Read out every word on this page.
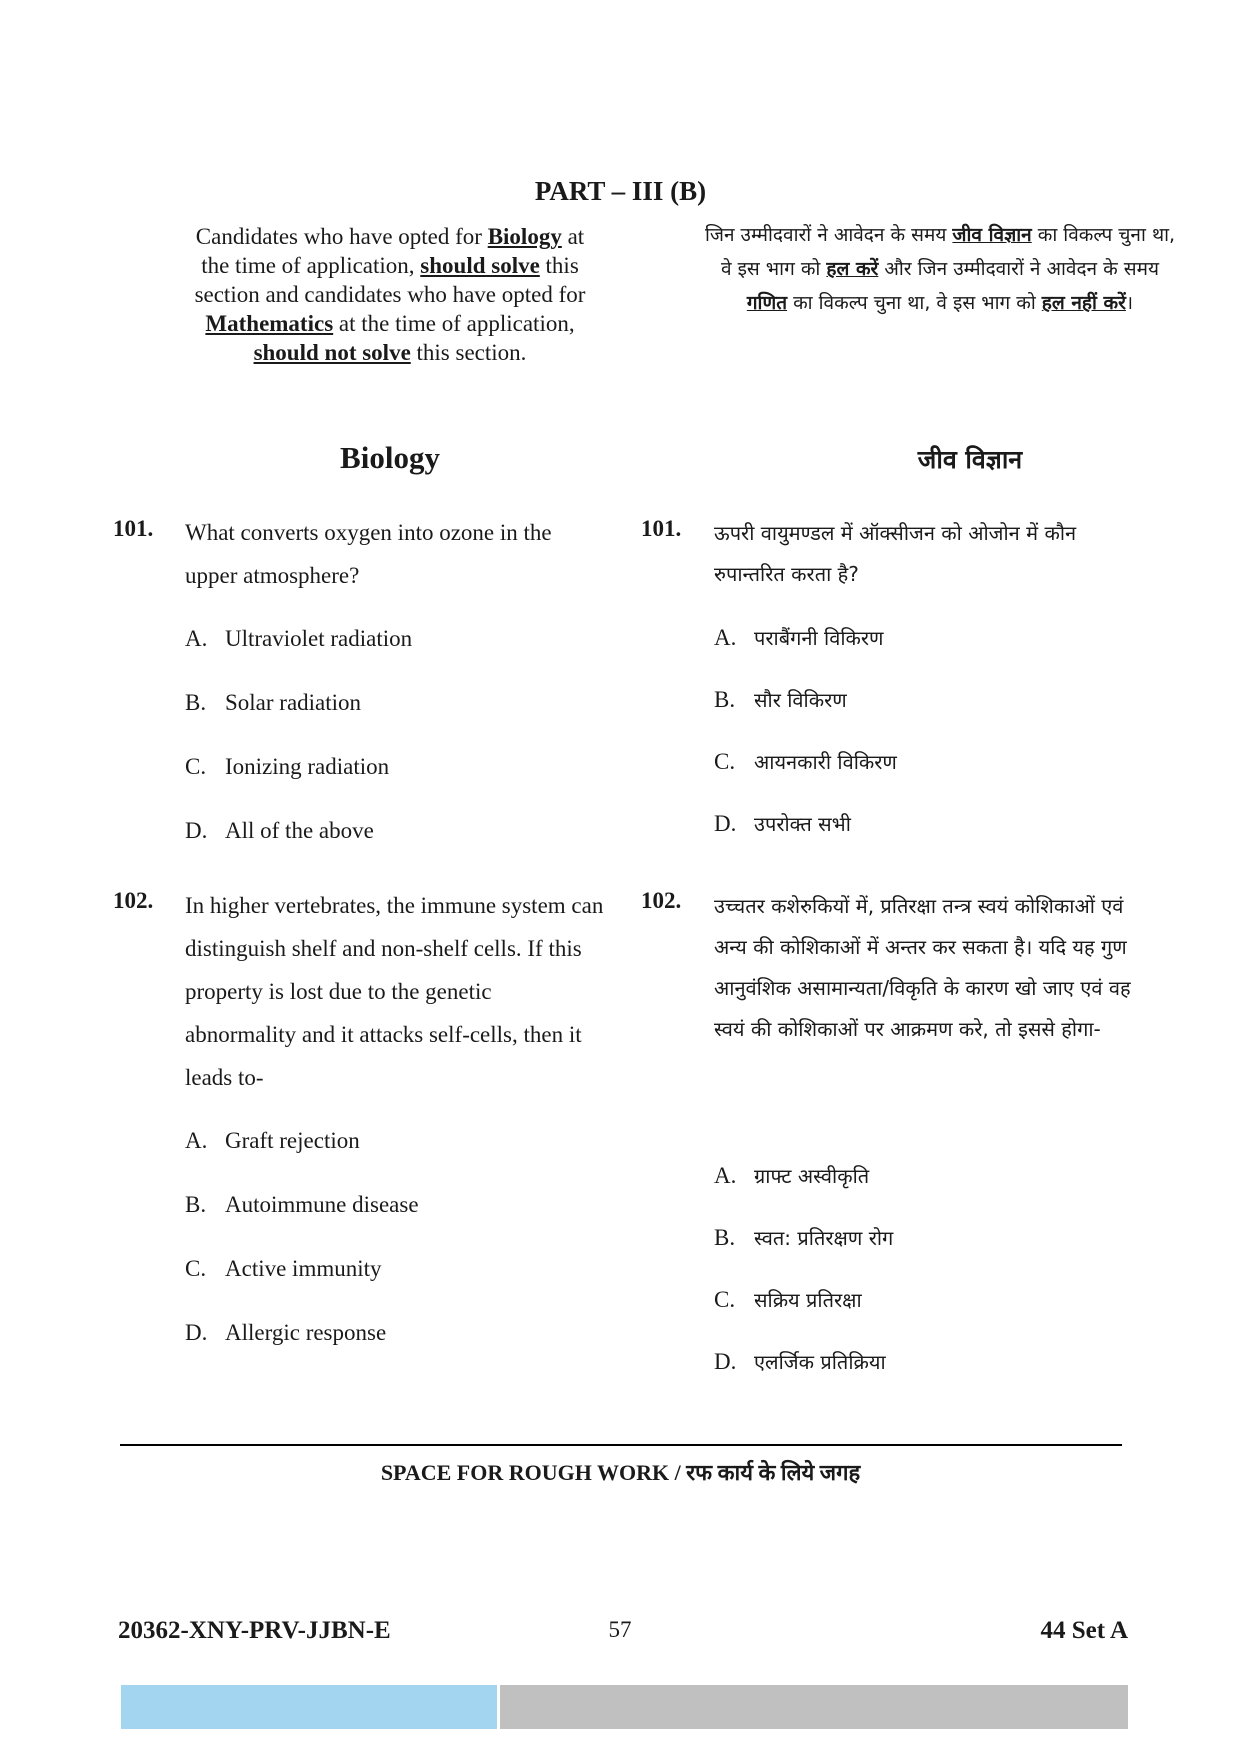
PART – III (B)
Candidates who have opted for Biology at the time of application, should solve this section and candidates who have opted for Mathematics at the time of application, should not solve this section.
जिन उम्मीदवारों ने आवेदन के समय जीव विज्ञान का विकल्प चुना था, वे इस भाग को हल करें और जिन उम्मीदवारों ने आवेदन के समय गणित का विकल्प चुना था, वे इस भाग को हल नहीं करें।
Biology	जीव विज्ञान
101. What converts oxygen into ozone in the upper atmosphere?
A. Ultraviolet radiation
B. Solar radiation
C. Ionizing radiation
D. All of the above
101. ऊपरी वायुमण्डल में ऑक्सीजन को ओजोन में कौन रुपान्तरित करता है?
A. पराबैंगनी विकिरण
B. सौर विकिरण
C. आयनकारी विकिरण
D. उपरोक्त सभी
102. In higher vertebrates, the immune system can distinguish shelf and non-shelf cells. If this property is lost due to the genetic abnormality and it attacks self-cells, then it leads to-
A. Graft rejection
B. Autoimmune disease
C. Active immunity
D. Allergic response
102. उच्चतर कशेरुकियों में, प्रतिरक्षा तन्त्र स्वयं कोशिकाओं एवं अन्य की कोशिकाओं में अन्तर कर सकता है। यदि यह गुण आनुवंशिक असामान्यता/विकृति के कारण खो जाए एवं वह स्वयं की कोशिकाओं पर आक्रमण करे, तो इससे होगा-
A. ग्राफ्ट अस्वीकृति
B. स्वत: प्रतिरक्षण रोग
C. सक्रिय प्रतिरक्षा
D. एलर्जिक प्रतिक्रिया
SPACE FOR ROUGH WORK / रफ कार्य के लिये जगह
20362-XNY-PRV-JJBN-E	57	44 Set A
